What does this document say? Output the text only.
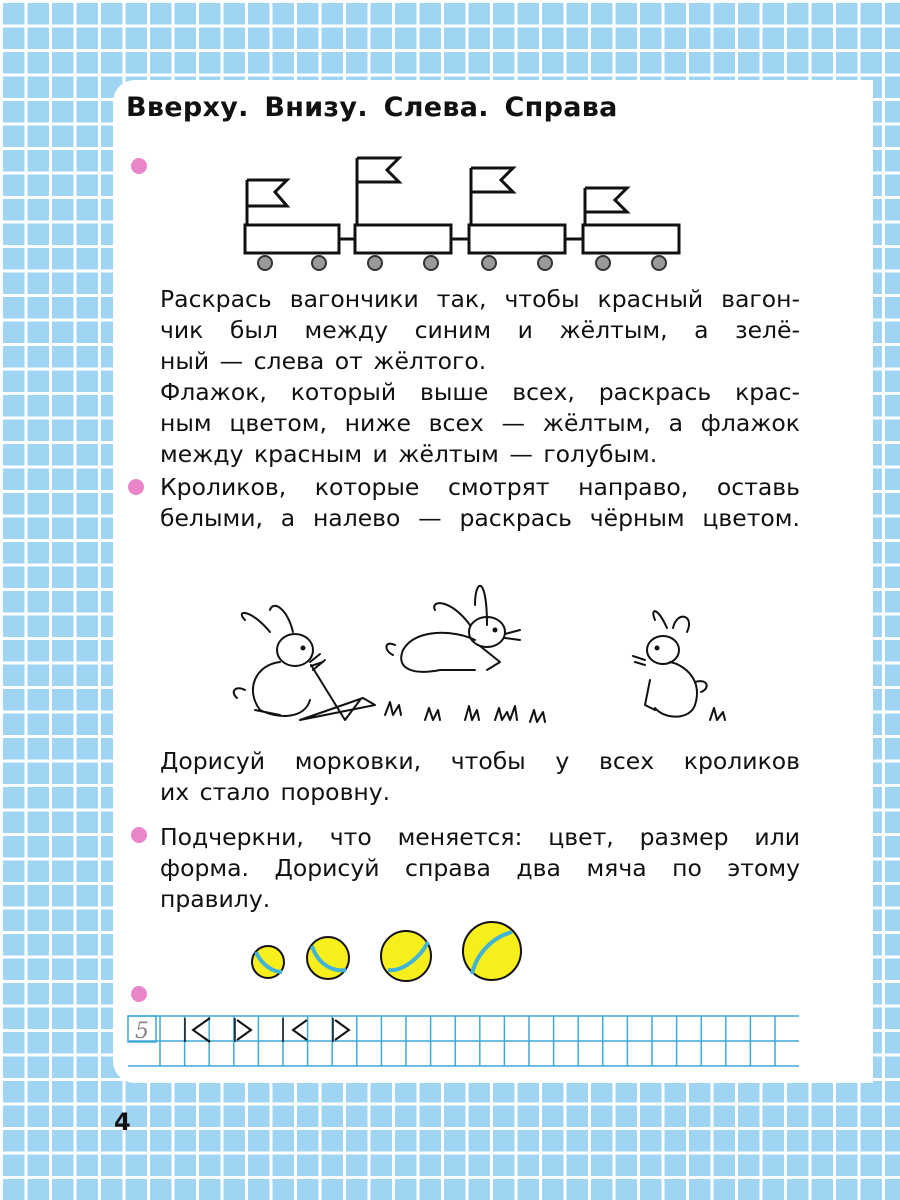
Вверху. Внизу. Слева. Справа
Раскрась вагончики так, чтобы красный вагон-
чик был между синим и жёлтым, а зелё-
ный — слева от жёлтого.
Флажок, который выше всех, раскрась крас-
ным цветом, ниже всех — жёлтым, а флажок
между красным и жёлтым — голубым.
Кроликов, которые смотрят направо, оставь
белыми, а налево — раскрась чёрным цветом.
Дорисуй морковки, чтобы у всех кроликов
их стало поровну.
Подчеркни, что меняется: цвет, размер или
форма. Дорисуй справа два мяча по этому
правилу.
5

4
